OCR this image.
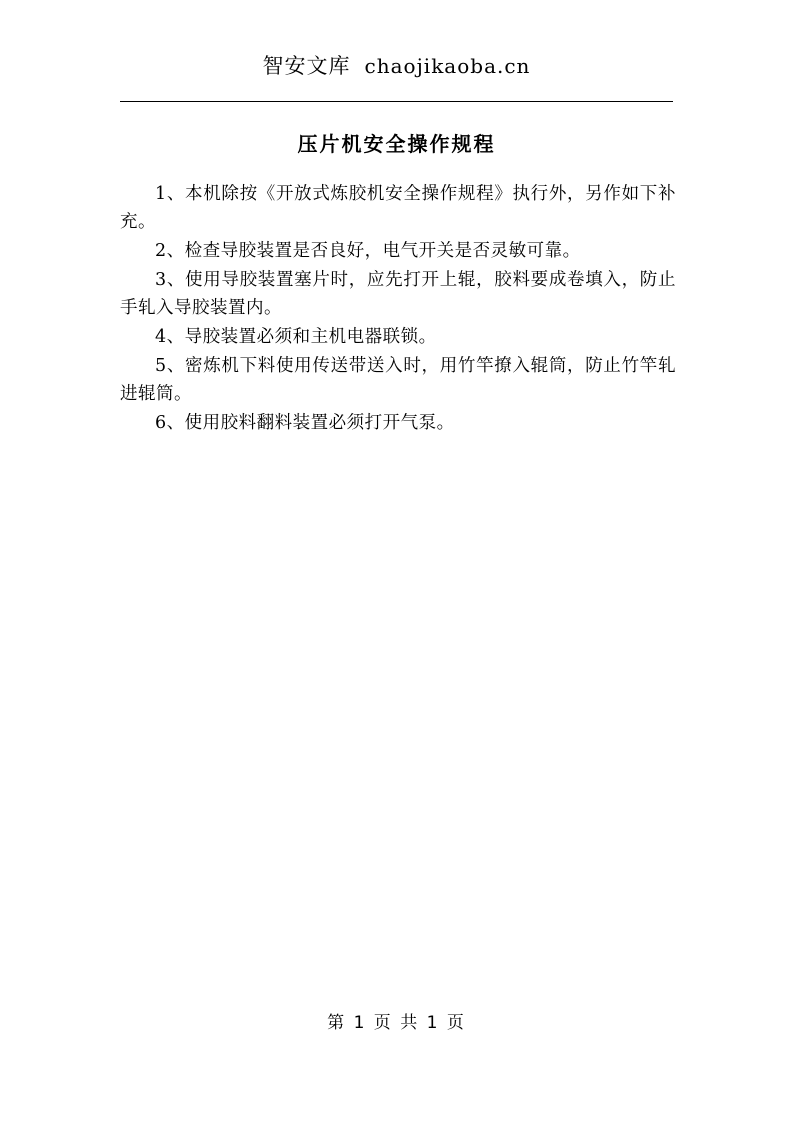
智安文库 chaojikaoba.cn
压片机安全操作规程

1、本机除按《开放式炼胶机安全操作规程》执行外，另作如下补充。

2、检查导胶装置是否良好，电气开关是否灵敏可靠。

3、使用导胶装置塞片时，应先打开上辊，胶料要成卷填入，防止手轧入导胶装置内。

4、导胶装置必须和主机电器联锁。

5、密炼机下料使用传送带送入时，用竹竿撩入辊筒，防止竹竿轧进辊筒。

6、使用胶料翻料装置必须打开气泵。

第 1 页 共 1 页
